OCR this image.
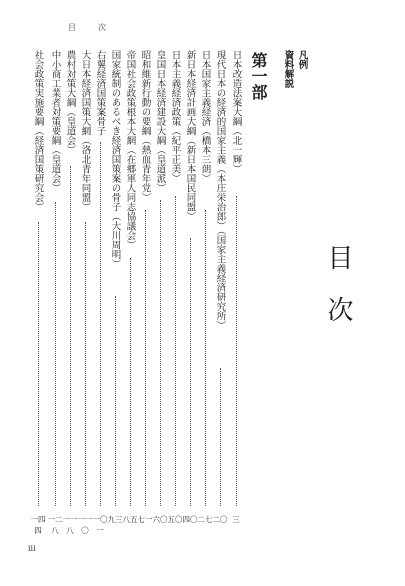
目	次
目
次
凡例
資料解説
第一部
日本改造法案大綱（北一輝）
三
現代日本の経済的国家主義（本庄栄治郎）（国家主義経済研究所）
二〇
日本国家主義経済（橋本三朗）
二七
新日本経済計画大綱（新日本国民同盟）
四〇
日本主義経済政策（紀平正美）
五〇
皇国日本経済建設大綱（皇道派）
六〇
昭和維新行動の要綱（熱血青年党）
七一
帝国社会政策根本大網（在郷軍人同志協議会）
八五
国家統制のあるべき経済国策案の骨子（大川周明）
九三
右翼経済国策案骨子
一〇一
大日本経済国策大網（洛北青年同盟）
一一〇
農村対策大綱（皇道会）
一一八
中小商工業者対策要綱（皇道会）
一二八
社会政策実施要綱（経済国策研究会）
一四四
iii
